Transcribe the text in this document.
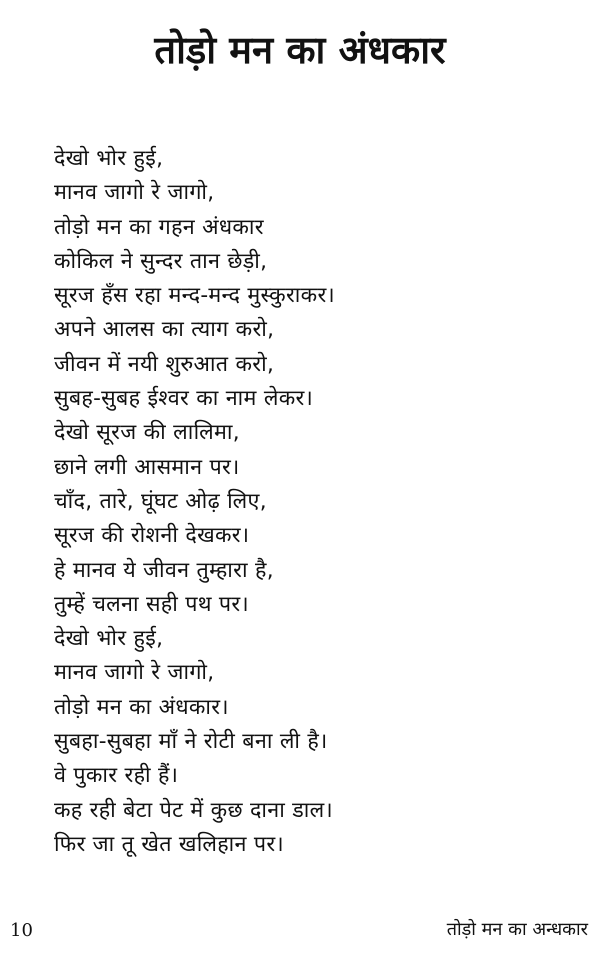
तोड़ो मन का अंधकार
देखो भोर हुई,
मानव जागो रे जागो,
तोड़ो मन का गहन अंधकार
कोकिल ने सुन्दर तान छेड़ी,
सूरज हँस रहा मन्द-मन्द मुस्कुराकर।
अपने आलस का त्याग करो,
जीवन में नयी शुरुआत करो,
सुबह-सुबह ईश्वर का नाम लेकर।
देखो सूरज की लालिमा,
छाने लगी आसमान पर।
चाँद, तारे, घूंघट ओढ़ लिए,
सूरज की रोशनी देखकर।
हे मानव ये जीवन तुम्हारा है,
तुम्हें चलना सही पथ पर।
देखो भोर हुई,
मानव जागो रे जागो,
तोड़ो मन का अंधकार।
सुबहा-सुबहा माँ ने रोटी बना ली है।
वे पुकार रही हैं।
कह रही बेटा पेट में कुछ दाना डाल।
फिर जा तू खेत खलिहान पर।
10	तोड़ो मन का अन्धकार
